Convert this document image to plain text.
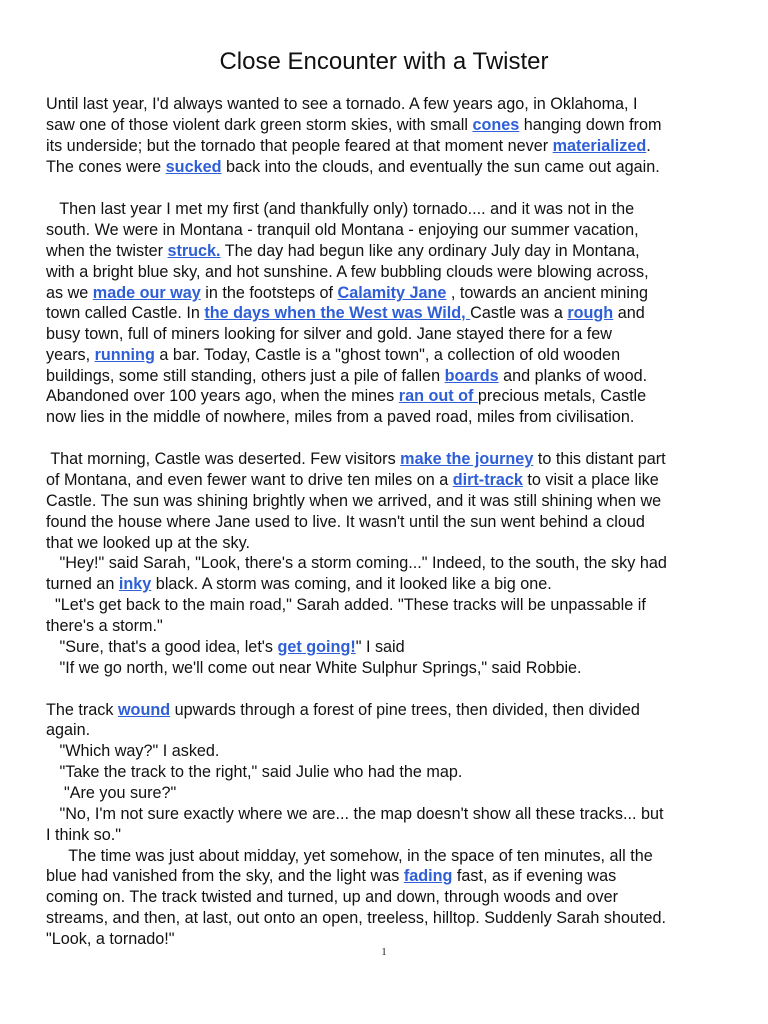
Close Encounter with a Twister
Until last year, I'd always wanted to see a tornado. A few years ago, in Oklahoma, I
saw one of those violent dark green storm skies, with small cones hanging down from
its underside; but the tornado that people feared at that moment never materialized.
The cones were sucked back into the clouds, and eventually the sun came out again.
Then last year I met my first (and thankfully only) tornado.... and it was not in the
south. We were in Montana - tranquil old Montana - enjoying our summer vacation,
when the twister struck. The day had begun like any ordinary July day in Montana,
with a bright blue sky, and hot sunshine. A few bubbling clouds were blowing across,
as we made our way in the footsteps of Calamity Jane , towards an ancient mining
town called Castle. In the days when the West was Wild, Castle was a rough and
busy town, full of miners looking for silver and gold. Jane stayed there for a few
years, running a bar. Today, Castle is a "ghost town", a collection of old wooden
buildings, some still standing, others just a pile of fallen boards and planks of wood.
Abandoned over 100 years ago, when the mines ran out of precious metals, Castle
now lies in the middle of nowhere, miles from a paved road, miles from civilisation.
That morning, Castle was deserted. Few visitors make the journey to this distant part
of Montana, and even fewer want to drive ten miles on a dirt-track to visit a place like
Castle. The sun was shining brightly when we arrived, and it was still shining when we
found the house where Jane used to live. It wasn't until the sun went behind a cloud
that we looked up at the sky.
"Hey!" said Sarah, "Look, there's a storm coming..." Indeed, to the south, the sky had
turned an inky black. A storm was coming, and it looked like a big one.
"Let's get back to the main road," Sarah added. "These tracks will be unpassable if
there's a storm."
"Sure, that's a good idea, let's get going!" I said
"If we go north, we'll come out near White Sulphur Springs," said Robbie.
The track wound upwards through a forest of pine trees, then divided, then divided
again.
"Which way?" I asked.
"Take the track to the right," said Julie who had the map.
"Are you sure?"
"No, I'm not sure exactly where we are... the map doesn't show all these tracks... but
I think so."
The time was just about midday, yet somehow, in the space of ten minutes, all the
blue had vanished from the sky, and the light was fading fast, as if evening was
coming on. The track twisted and turned, up and down, through woods and over
streams, and then, at last, out onto an open, treeless, hilltop. Suddenly Sarah shouted.
"Look, a tornado!"
1
